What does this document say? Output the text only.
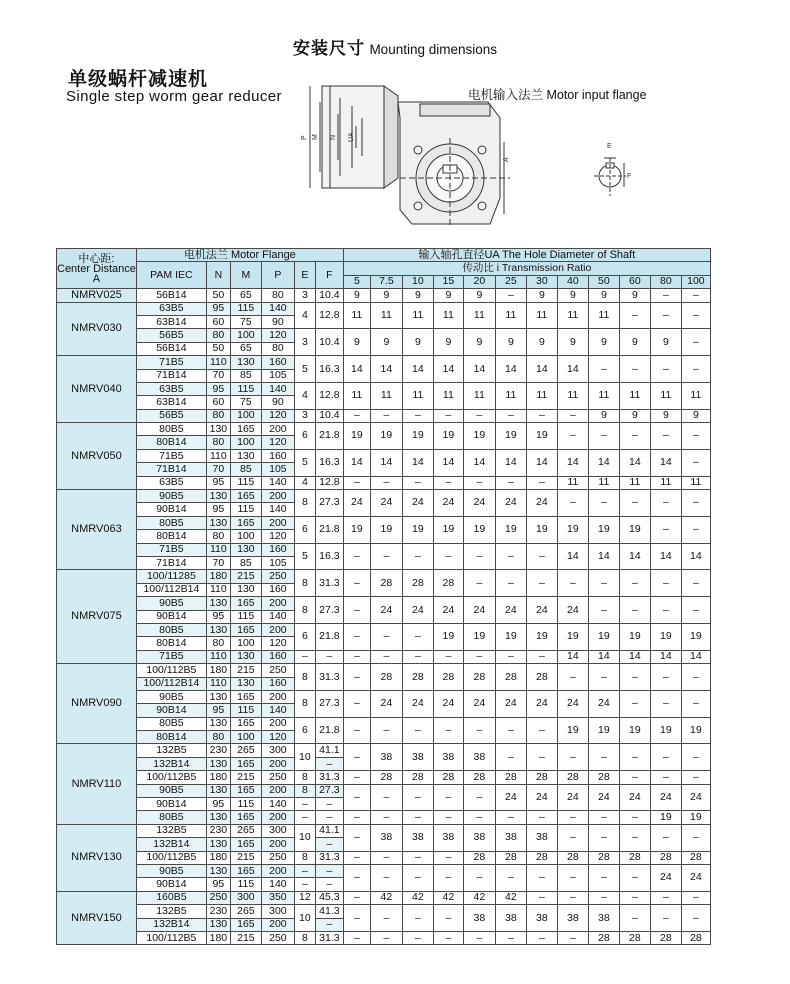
安装尺寸 Mounting dimensions
单级蜗杆减速机
Single step worm gear reducer	电机输入法兰 Motor input flange
P M N UA
A
E
F
中心距:
Center Distance
A	电机法兰 Motor Flange						输入轴孔直径UA The Hole Diameter of Shaft											
	PAM IEC	N	M	P	E	F	传动比 i Transmission Ratio											
							5	7.5	10	15	20	25	30	40	50	60	80	100
NMRV025	56B14	50	65	80	3	10.4	9	9	9	9	9	–	9	9	9	9	–	–
NMRV030	63B5	95	115	140	4	12.8	11	11	11	11	11	11	11	11	11	–	–	–
	63B14	60	75	90														
	56B5	80	100	120	3	10.4	9	9	9	9	9	9	9	9	9	9	9	–
	56B14	50	65	80														
NMRV040	71B5	110	130	160	5	16.3	14	14	14	14	14	14	14	14	–	–	–	–
	71B14	70	85	105														
	63B5	95	115	140	4	12.8	11	11	11	11	11	11	11	11	11	11	11	11
	63B14	60	75	90														
	56B5	80	100	120	3	10.4	–	–	–	–	–	–	–	–	9	9	9	9
NMRV050	80B5	130	165	200	6	21.8	19	19	19	19	19	19	19	–	–	–	–	–
	80B14	80	100	120														
	71B5	110	130	160	5	16.3	14	14	14	14	14	14	14	14	14	14	14	–
	71B14	70	85	105														
	63B5	95	115	140	4	12.8	–	–	–	–	–	–	–	11	11	11	11	11
NMRV063	90B5	130	165	200	8	27.3	24	24	24	24	24	24	24	–	–	–	–	–
	90B14	95	115	140														
	80B5	130	165	200	6	21.8	19	19	19	19	19	19	19	19	19	19	–	–
	80B14	80	100	120														
	71B5	110	130	160	5	16.3	–	–	–	–	–	–	–	14	14	14	14	14
	71B14	70	85	105														
NMRV075	100/11285	180	215	250	8	31.3	–	28	28	28	–	–	–	–	–	–	–	–
	100/112B14	110	130	160														
	90B5	130	165	200	8	27.3	–	24	24	24	24	24	24	24	–	–	–	–
	90B14	95	115	140														
	80B5	130	165	200	6	21.8	–	–	–	19	19	19	19	19	19	19	19	19
	80B14	80	100	120														
	71B5	110	130	160	–	–	–	–	–	–	–	–	–	14	14	14	14	14
NMRV090	100/112B5	180	215	250	8	31.3	–	28	28	28	28	28	28	–	–	–	–	–
	100/112B14	110	130	160														
	90B5	130	165	200	8	27.3	–	24	24	24	24	24	24	24	24	–	–	–
	90B14	95	115	140														
	80B5	130	165	200	6	21.8	–	–	–	–	–	–	–	19	19	19	19	19
	80B14	80	100	120														
NMRV110	132B5	230	265	300	10	41.1	–	38	38	38	38	–	–	–	–	–	–	–
	132B14	130	165	200		–												
	100/112B5	180	215	250	8	31.3	–	28	28	28	28	28	28	28	28	–	–	–
	90B5	130	165	200	8	27.3	–	–	–	–	–	24	24	24	24	24	24	24
	90B14	95	115	140	–	–												
	80B5	130	165	200	–	–	–	–	–	–	–	–	–	–	–	–	19	19
NMRV130	132B5	230	265	300	10	41.1	–	38	38	38	38	38	38	–	–	–	–	–
	132B14	130	165	200		–												
	100/112B5	180	215	250	8	31.3	–	–	–	–	28	28	28	28	28	28	28	28
	90B5	130	165	200	–	–	–	–	–	–	–	–	–	–	–	–	24	24
	90B14	95	115	140	–	–												
NMRV150	160B5	250	300	350	12	45.3	–	42	42	42	42	42	–	–	–	–	–	–
	132B5	230	265	300	10	41.3	–	–	–	–	38	38	38	38	38	–	–	–
	132B14	130	165	200		–												
	100/112B5	180	215	250	8	31.3	–	–	–	–	–	–	–	–	28	28	28	28
